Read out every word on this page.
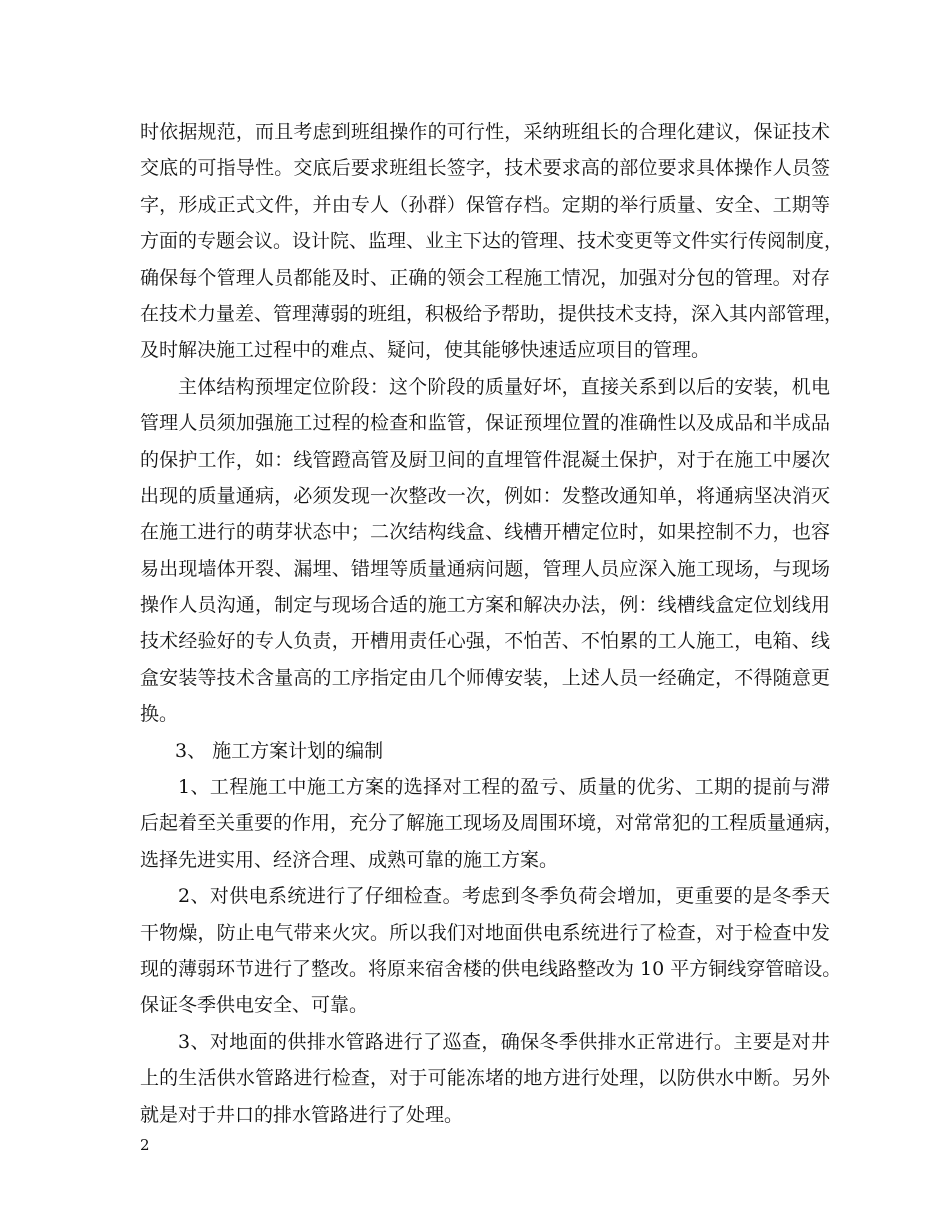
时依据规范，而且考虑到班组操作的可行性，采纳班组长的合理化建议，保证技术
交底的可指导性。交底后要求班组长签字，技术要求高的部位要求具体操作人员签
字，形成正式文件，并由专人（孙群）保管存档。定期的举行质量、安全、工期等
方面的专题会议。设计院、监理、业主下达的管理、技术变更等文件实行传阅制度，
确保每个管理人员都能及时、正确的领会工程施工情况，加强对分包的管理。对存
在技术力量差、管理薄弱的班组，积极给予帮助，提供技术支持，深入其内部管理，
及时解决施工过程中的难点、疑问，使其能够快速适应项目的管理。
主体结构预埋定位阶段：这个阶段的质量好坏，直接关系到以后的安装，机电
管理人员须加强施工过程的检查和监管，保证预埋位置的准确性以及成品和半成品
的保护工作，如：线管蹬高管及厨卫间的直埋管件混凝土保护，对于在施工中屡次
出现的质量通病，必须发现一次整改一次，例如：发整改通知单，将通病坚决消灭
在施工进行的萌芽状态中；二次结构线盒、线槽开槽定位时，如果控制不力，也容
易出现墙体开裂、漏埋、错埋等质量通病问题，管理人员应深入施工现场，与现场
操作人员沟通，制定与现场合适的施工方案和解决办法，例：线槽线盒定位划线用
技术经验好的专人负责，开槽用责任心强，不怕苦、不怕累的工人施工，电箱、线
盒安装等技术含量高的工序指定由几个师傅安装，上述人员一经确定，不得随意更
换。
3、 施工方案计划的编制
1、工程施工中施工方案的选择对工程的盈亏、质量的优劣、工期的提前与滞
后起着至关重要的作用，充分了解施工现场及周围环境，对常常犯的工程质量通病，
选择先进实用、经济合理、成熟可靠的施工方案。
2、对供电系统进行了仔细检查。考虑到冬季负荷会增加，更重要的是冬季天
干物燥，防止电气带来火灾。所以我们对地面供电系统进行了检查，对于检查中发
现的薄弱环节进行了整改。将原来宿舍楼的供电线路整改为 10 平方铜线穿管暗设。
保证冬季供电安全、可靠。
3、对地面的供排水管路进行了巡查，确保冬季供排水正常进行。主要是对井
上的生活供水管路进行检查，对于可能冻堵的地方进行处理，以防供水中断。另外
就是对于井口的排水管路进行了处理。
2
